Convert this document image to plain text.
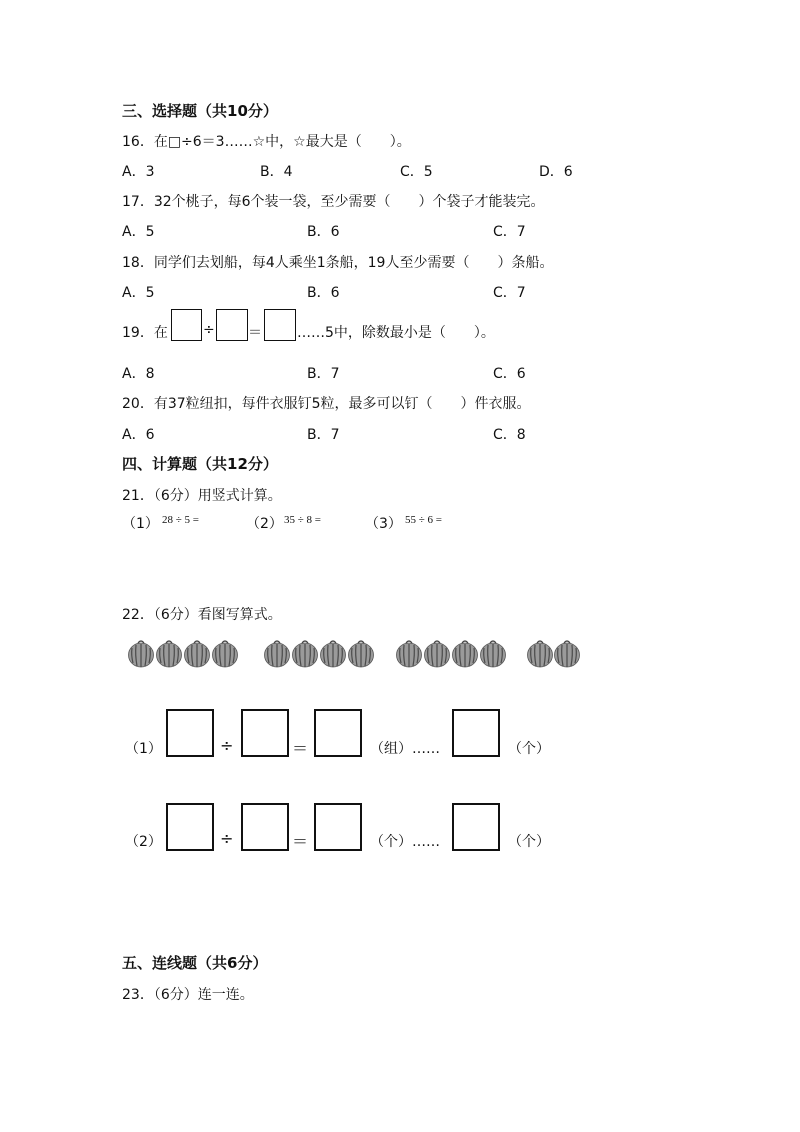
三、选择题（共10分）
16．在□÷6＝3……☆中，☆最大是（　　）。
A．3	B．4	C．5	D．6
17．32个桃子，每6个装一袋，至少需要（　　）个袋子才能装完。
A．5	B．6	C．7
18．同学们去划船，每4人乘坐1条船，19人至少需要（　　）条船。
A．5	B．6	C．7
19．在	÷ ＝	……5中，除数最小是（　　）。
A．8	B．7	C．6
20．有37粒纽扣，每件衣服钉5粒，最多可以钉（　　）件衣服。
A．6	B．7	C．8
四、计算题（共12分）
21．（6分）用竖式计算。
（1） 28 ÷ 5 =	（2） 35 ÷ 8 =	（3） 55 ÷ 6 =
22．（6分）看图写算式。
（1）	÷	＝	（组）……	（个）
（2）	÷	＝	（个）……	（个）
五、连线题（共6分）
23．（6分）连一连。
